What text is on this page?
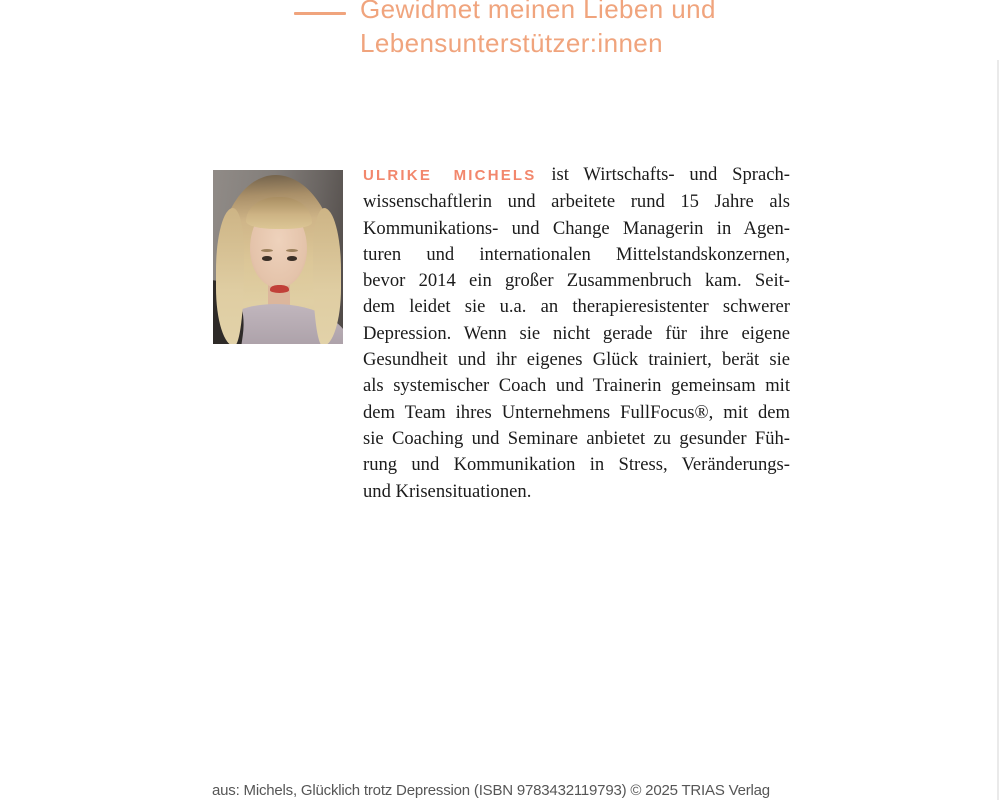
Gewidmet meinen Lieben und
Lebensunterstützer:innen
ULRIKE MICHELS ist Wirtschafts- und Sprach-
wissenschaftlerin und arbeitete rund 15 Jahre als
Kommunikations- und Change Managerin in Agen-
turen und internationalen Mittelstandskonzernen,
bevor 2014 ein großer Zusammenbruch kam. Seit-
dem leidet sie u.a. an therapieresistenter schwerer
Depression. Wenn sie nicht gerade für ihre eigene
Gesundheit und ihr eigenes Glück trainiert, berät sie
als systemischer Coach und Trainerin gemeinsam mit
dem Team ihres Unternehmens FullFocus®, mit dem
sie Coaching und Seminare anbietet zu gesunder Füh-
rung und Kommunikation in Stress, Veränderungs-
und Krisensituationen.
aus: Michels, Glücklich trotz Depression (ISBN 9783432119793) © 2025 TRIAS Verlag
